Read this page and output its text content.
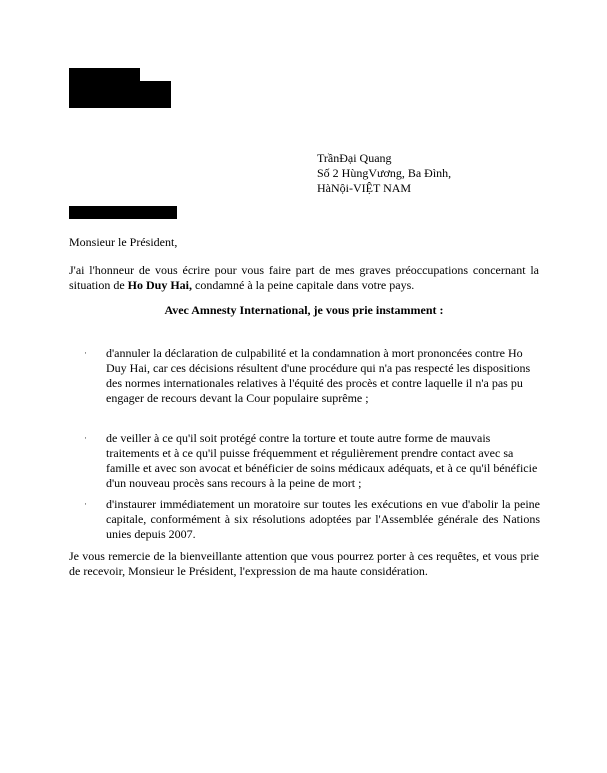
TrầnĐại Quang
Số 2 HùngVương, Ba Đình,
HàNội-VIỆT NAM
Monsieur le Président,
J'ai l'honneur de vous écrire pour vous faire part de mes graves préoccupations concernant la situation de Ho Duy Hai, condamné à la peine capitale dans votre pays.
Avec Amnesty International, je vous prie instamment :
·	d'annuler la déclaration de culpabilité et la condamnation à mort prononcées contre Ho Duy Hai, car ces décisions résultent d'une procédure qui n'a pas respecté les dispositions des normes internationales relatives à l'équité des procès et contre laquelle il n'a pas pu engager de recours devant la Cour populaire suprême ;
·	de veiller à ce qu'il soit protégé contre la torture et toute autre forme de mauvais traitements et à ce qu'il puisse fréquemment et régulièrement prendre contact avec sa famille et avec son avocat et bénéficier de soins médicaux adéquats, et à ce qu'il bénéficie d'un nouveau procès sans recours à la peine de mort ;
·	d'instaurer immédiatement un moratoire sur toutes les exécutions en vue d'abolir la peine capitale, conformément à six résolutions adoptées par l'Assemblée générale des Nations unies depuis 2007.
Je vous remercie de la bienveillante attention que vous pourrez porter à ces requêtes, et vous prie de recevoir, Monsieur le Président, l'expression de ma haute considération.
